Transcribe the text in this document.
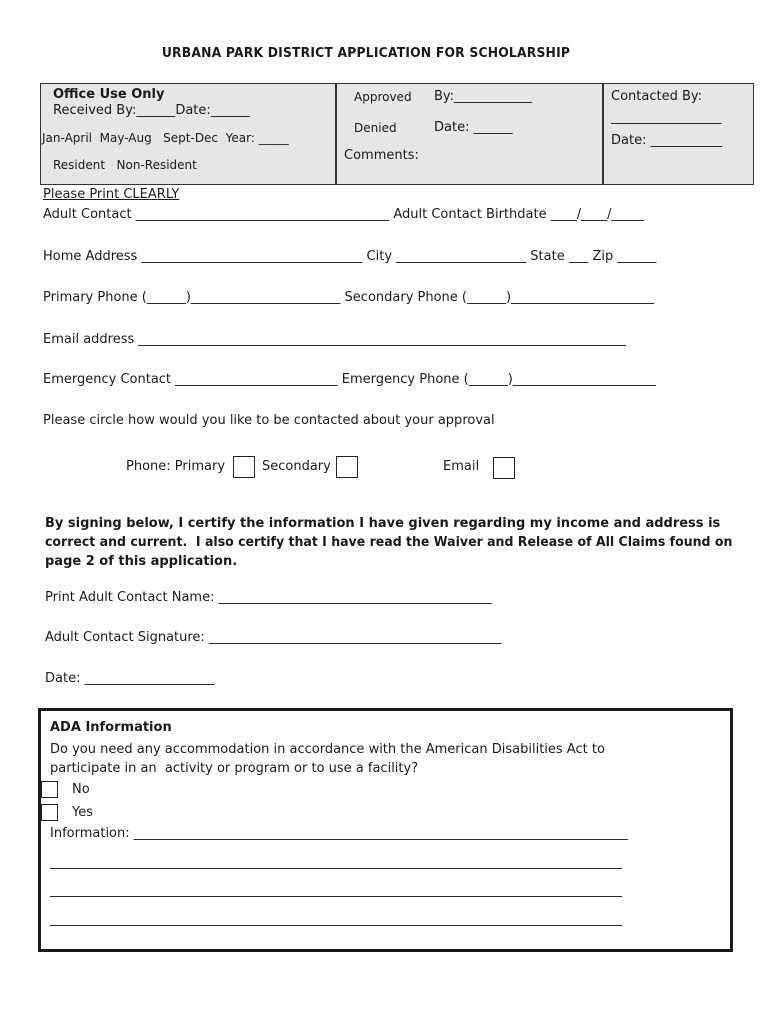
URBANA PARK DISTRICT APPLICATION FOR SCHOLARSHIP

Office Use Only
Received By:______Date:______
Jan-April  May-Aug   Sept-Dec  Year: _____
Resident   Non-Resident
Approved By:____________
Denied	Date: ______
Comments:
Contacted By:
_________________
Date: ___________
Please Print CLEARLY
Adult Contact _______________________________________ Adult Contact Birthdate ____/____/_____
Home Address __________________________________ City ____________________ State ___ Zip ______
Primary Phone (______)_______________________ Secondary Phone (______)______________________
Email address ___________________________________________________________________________
Emergency Contact _________________________ Emergency Phone (______)______________________
Please circle how would you like to be contacted about your approval
Phone: Primary	Secondary	Email
By signing below, I certify the information I have given regarding my income and address is
correct and current.  I also certify that I have read the Waiver and Release of All Claims found on
page 2 of this application.
Print Adult Contact Name: __________________________________________
Adult Contact Signature: _____________________________________________
Date: ____________________
ADA Information
Do you need any accommodation in accordance with the American Disabilities Act to
participate in an  activity or program or to use a facility?
No
Yes
Information: ____________________________________________________________________________
________________________________________________________________________________________
________________________________________________________________________________________
________________________________________________________________________________________
